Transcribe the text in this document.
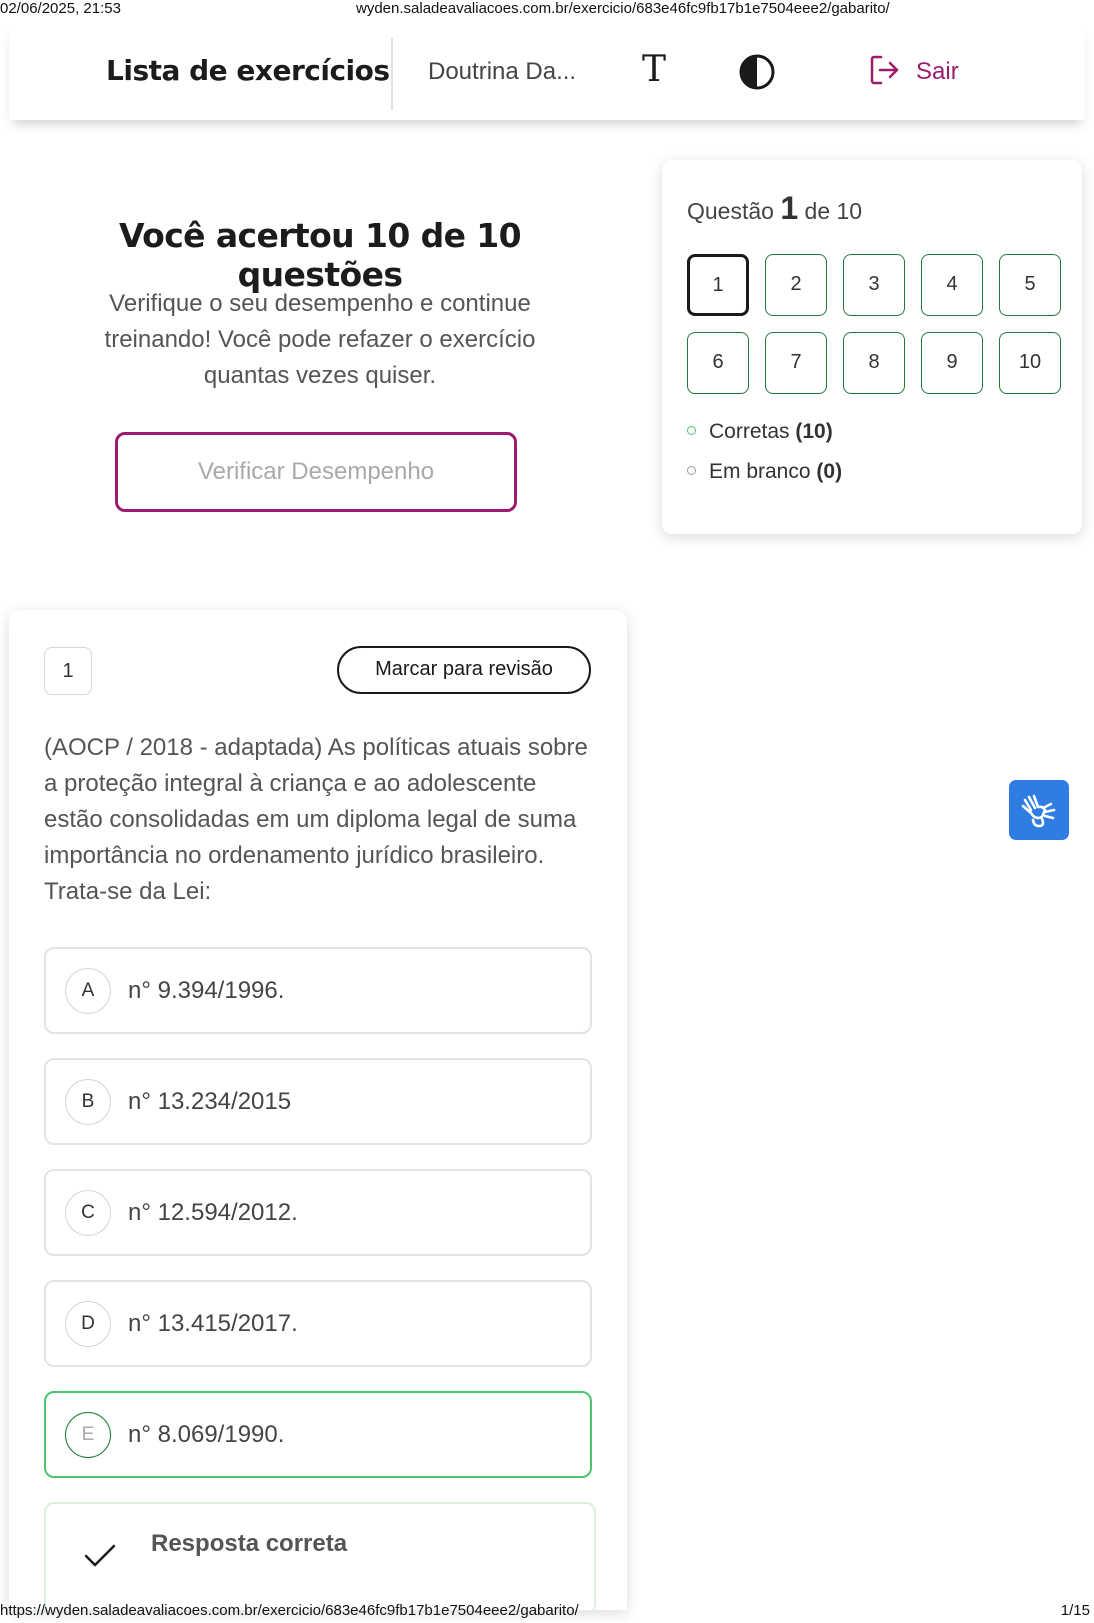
02/06/2025, 21:53	wyden.saladeavaliacoes.com.br/exercicio/683e46fc9fb17b1e7504eee2/gabarito/
Lista de exercícios Doutrina Da... T	Sair
Você acertou 10 de 10 questões
Verifique o seu desempenho e continue treinando! Você pode refazer o exercício quantas vezes quiser.
Verificar Desempenho
Questão 1 de 10
1	2	3	4	5
6	7	8	9	10
Corretas (10)
Em branco (0)
1	Marcar para revisão
(AOCP / 2018 - adaptada) As políticas atuais sobre a proteção integral à criança e ao adolescente estão consolidadas em um diploma legal de suma importância no ordenamento jurídico brasileiro. Trata-se da Lei:
A	n° 9.394/1996.
B	n° 13.234/2015
C	n° 12.594/2012.
D	n° 13.415/2017.
E	n° 8.069/1990.
Resposta correta
https://wyden.saladeavaliacoes.com.br/exercicio/683e46fc9fb17b1e7504eee2/gabarito/	1/15
